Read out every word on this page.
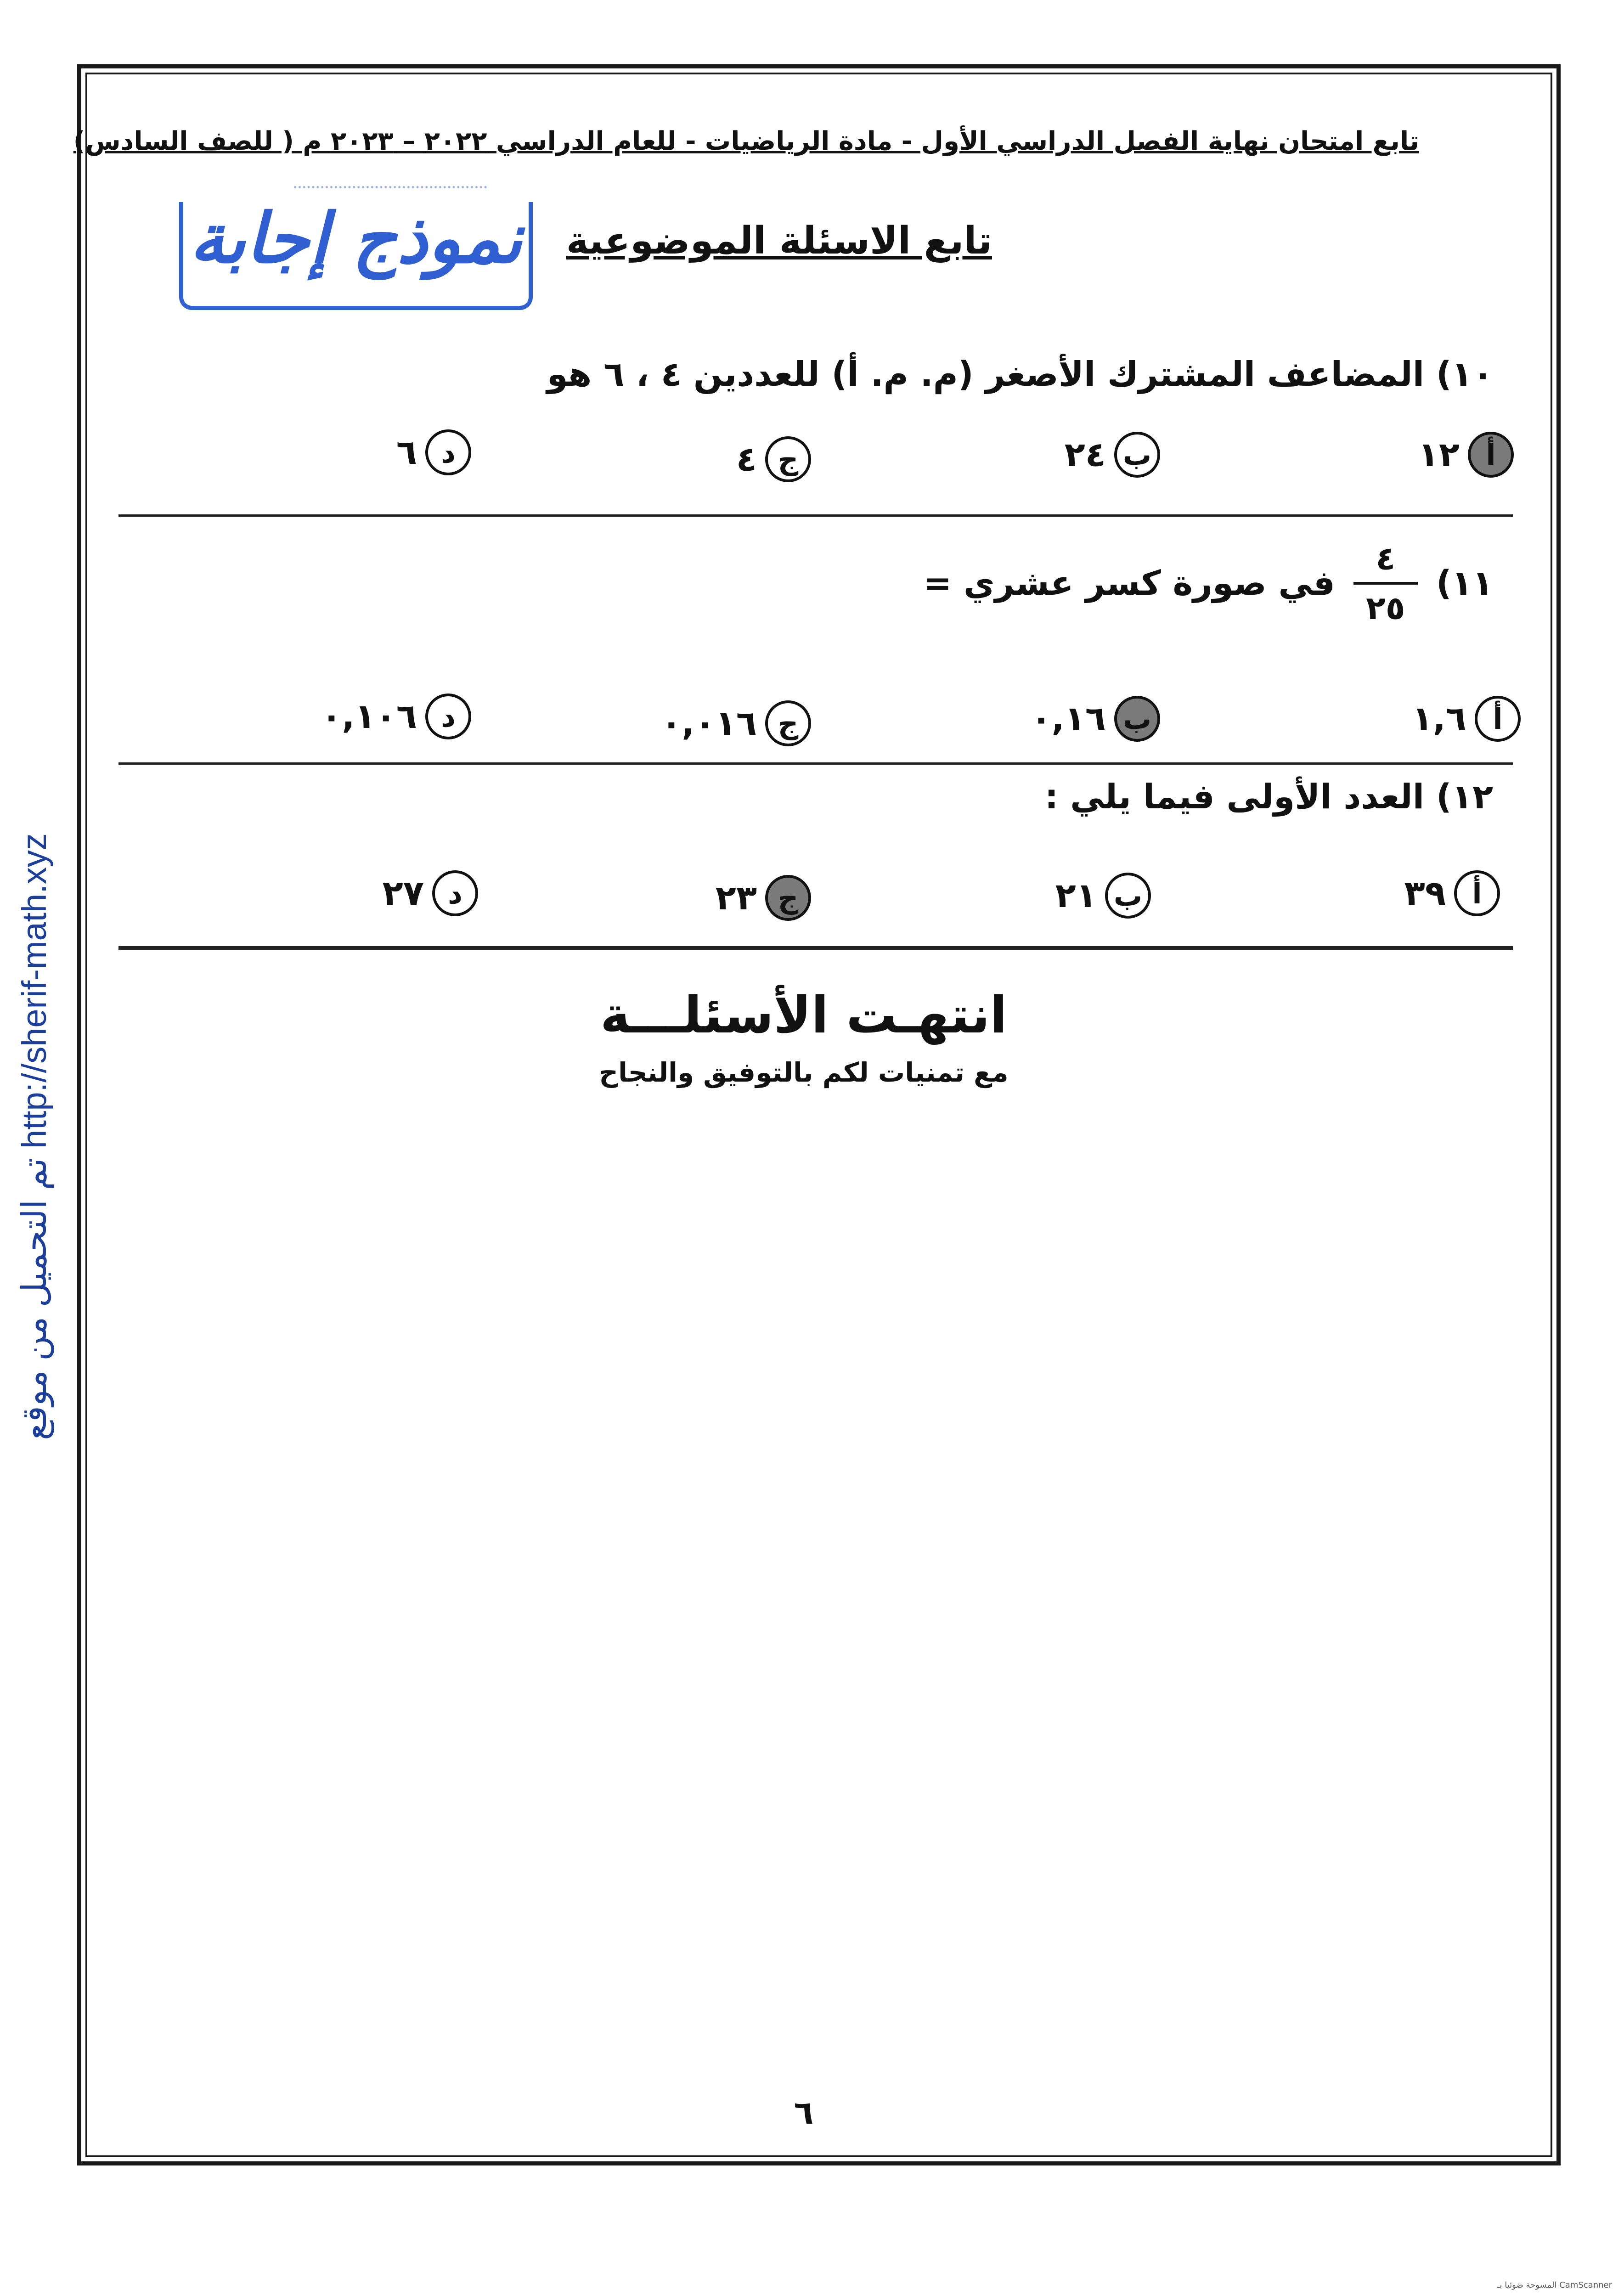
تابع امتحان نهاية الفصل الدراسي الأول - مادة الرياضيات - للعام الدراسي ٢٠٢٢ – ٢٠٢٣ م ( للصف السادس)
نموذج إجابة تابع الاسئلة الموضوعية
١٠) المضاعف المشترك الأصغر (م. م. أ) للعددين ٤ ، ٦ هو
أ
١٢
ب
٢٤
ج
٤
د
٦
١١)
٤
٢٥
في صورة كسر عشري =
أ
١,٦
ب
٠,١٦
ج
٠,٠١٦
د
٠,١٠٦
١٢) العدد الأولى فيما يلي :
أ
٣٩
ب
٢١
ج
٢٣
د
٢٧
انتهـت الأسئلـــة
مع تمنيات لكم بالتوفيق والنجاح
٦
تم التحميل من موقع http://sherif-math.xyz
CamScanner المسوحة ضوئيا بـ
